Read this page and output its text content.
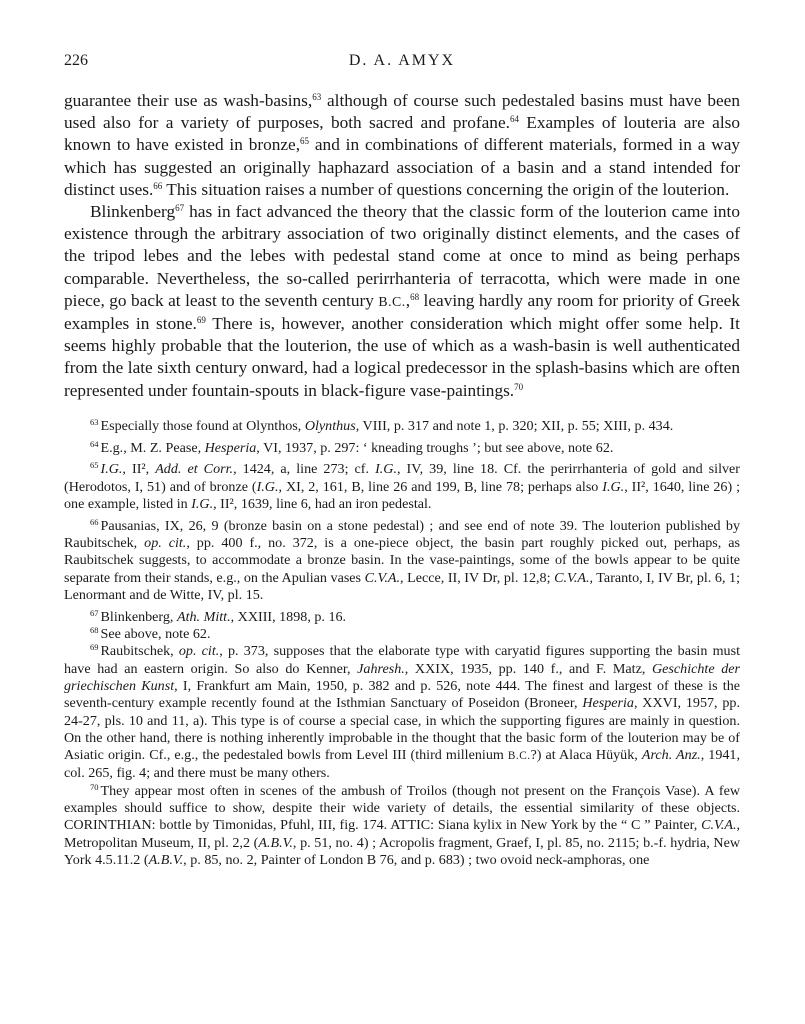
226	D. A. AMYX

guarantee their use as wash-basins,$^{63}$ although of course such pedestaled basins must have been used also for a variety of purposes, both sacred and profane.$^{64}$ Examples of louteria are also known to have existed in bronze,$^{65}$ and in combinations of different materials, formed in a way which has suggested an originally haphazard association of a basin and a stand intended for distinct uses.$^{66}$ This situation raises a number of questions concerning the origin of the louterion.

Blinkenberg$^{67}$ has in fact advanced the theory that the classic form of the louterion came into existence through the arbitrary association of two originally distinct elements, and the cases of the tripod lebes and the lebes with pedestal stand come at once to mind as being perhaps comparable. Nevertheless, the so-called perirrhanteria of terracotta, which were made in one piece, go back at least to the seventh century B.C.,$^{68}$ leaving hardly any room for priority of Greek examples in stone.$^{69}$ There is, however, another consideration which might offer some help. It seems highly probable that the louterion, the use of which as a wash-basin is well authenticated from the late sixth century onward, had a logical predecessor in the splash-basins which are often represented under fountain-spouts in black-figure vase-paintings.$^{70}$

$^{63}$ Especially those found at Olynthos, Olynthus, VIII, p. 317 and note 1, p. 320; XII, p. 55; XIII, p. 434.

$^{64}$ E.g., M. Z. Pease, Hesperia, VI, 1937, p. 297: ‘ kneading troughs ’; but see above, note 62.

$^{65}$ I.G., II², Add. et Corr., 1424, a, line 273; cf. I.G., IV, 39, line 18. Cf. the perirrhanteria of gold and silver (Herodotos, I, 51) and of bronze (I.G., XI, 2, 161, B, line 26 and 199, B, line 78; perhaps also I.G., II², 1640, line 26) ; one example, listed in I.G., II², 1639, line 6, had an iron pedestal.

$^{66}$ Pausanias, IX, 26, 9 (bronze basin on a stone pedestal) ; and see end of note 39. The louterion published by Raubitschek, op. cit., pp. 400 f., no. 372, is a one-piece object, the basin part roughly picked out, perhaps, as Raubitschek suggests, to accommodate a bronze basin. In the vase-paintings, some of the bowls appear to be quite separate from their stands, e.g., on the Apulian vases C.V.A., Lecce, II, IV Dr, pl. 12,8; C.V.A., Taranto, I, IV Br, pl. 6, 1; Lenormant and de Witte, IV, pl. 15.

$^{67}$ Blinkenberg, Ath. Mitt., XXIII, 1898, p. 16.

$^{68}$ See above, note 62.

$^{69}$ Raubitschek, op. cit., p. 373, supposes that the elaborate type with caryatid figures supporting the basin must have had an eastern origin. So also do Kenner, Jahresh., XXIX, 1935, pp. 140 f., and F. Matz, Geschichte der griechischen Kunst, I, Frankfurt am Main, 1950, p. 382 and p. 526, note 444. The finest and largest of these is the seventh-century example recently found at the Isthmian Sanctuary of Poseidon (Broneer, Hesperia, XXVI, 1957, pp. 24-27, pls. 10 and 11, a). This type is of course a special case, in which the supporting figures are mainly in question. On the other hand, there is nothing inherently improbable in the thought that the basic form of the louterion may be of Asiatic origin. Cf., e.g., the pedestaled bowls from Level III (third millenium B.C.?) at Alaca Hüyük, Arch. Anz., 1941, col. 265, fig. 4; and there must be many others.

$^{70}$ They appear most often in scenes of the ambush of Troilos (though not present on the François Vase). A few examples should suffice to show, despite their wide variety of details, the essential similarity of these objects. CORINTHIAN: bottle by Timonidas, Pfuhl, III, fig. 174. ATTIC: Siana kylix in New York by the “ C ” Painter, C.V.A., Metropolitan Museum, II, pl. 2,2 (A.B.V., p. 51, no. 4) ; Acropolis fragment, Graef, I, pl. 85, no. 2115; b.-f. hydria, New York 4.5.11.2 (A.B.V., p. 85, no. 2, Painter of London B 76, and p. 683) ; two ovoid neck-amphoras, one
